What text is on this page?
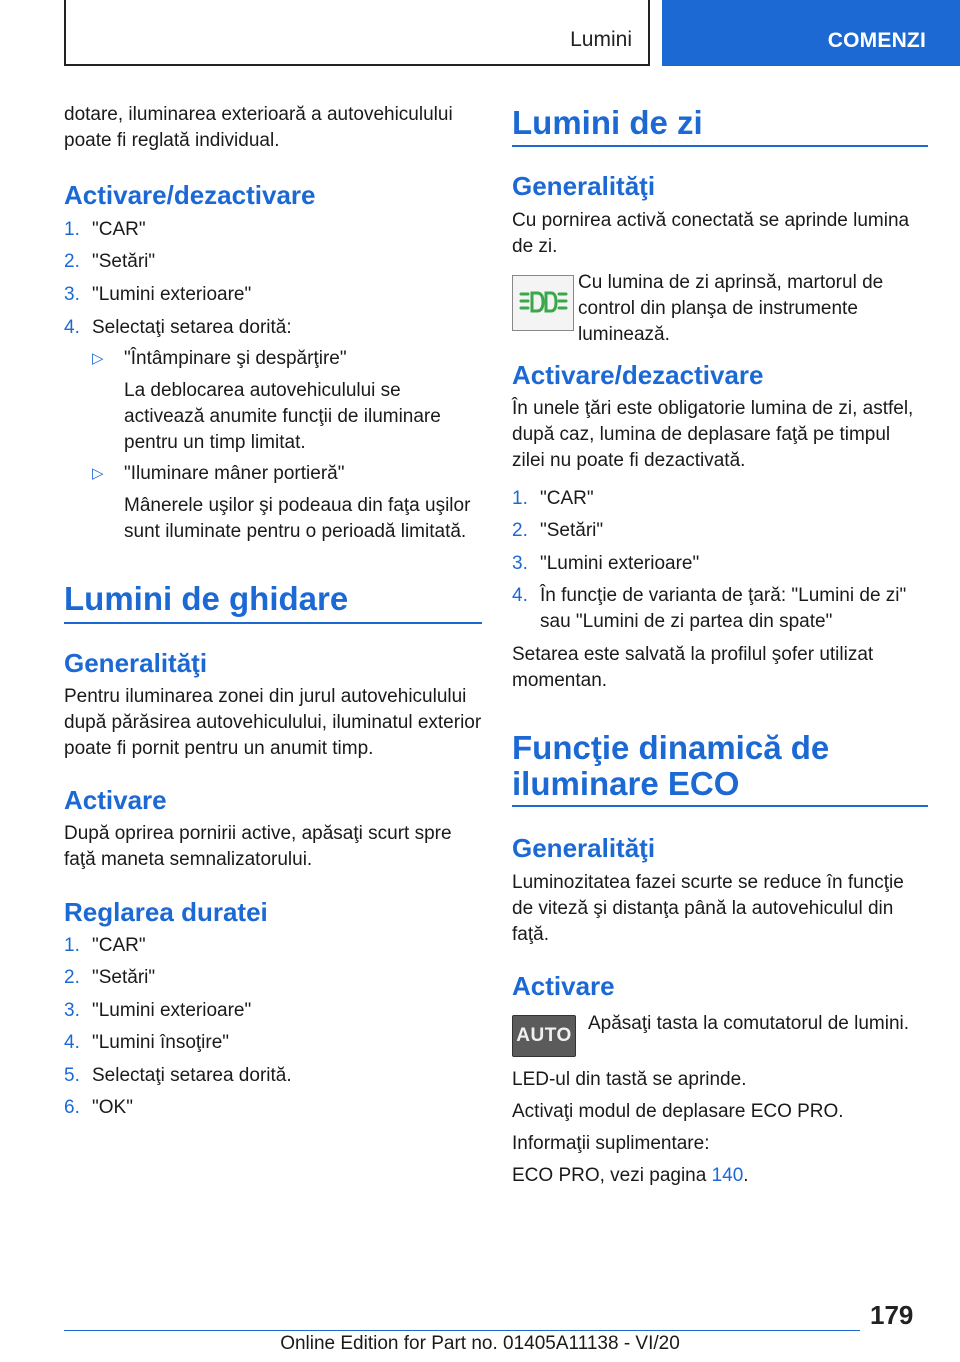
Lumini	COMENZI

dotare, iluminarea exterioară a autovehiculului poate fi reglată individual.

Activare/dezactivare
1. "CAR"
2. "Setări"
3. "Lumini exterioare"
4. Selectaţi setarea dorită:
▷	"Întâmpinare şi despărţire"

La deblocarea autovehiculului se activează anumite funcţii de iluminare pentru un timp limitat.

▷	"Iluminare mâner portieră"

Mânerele uşilor şi podeaua din faţa uşilor sunt iluminate pentru o perioadă limitată.

Lumini de ghidare
Generalităţi

Pentru iluminarea zonei din jurul autovehiculului după părăsirea autovehiculului, iluminatul exterior poate fi pornit pentru un anumit timp.

Activare

După oprirea pornirii active, apăsaţi scurt spre faţă maneta semnalizatorului.

Reglarea duratei
1. "CAR"
2. "Setări"
3. "Lumini exterioare"
4. "Lumini însoţire"
5. Selectaţi setarea dorită.
6. "OK"
Lumini de zi
Generalităţi

Cu pornirea activă conectată se aprinde lumina de zi.

Cu lumina de zi aprinsă, martorul de control din planşa de instrumente luminează.

Activare/dezactivare

În unele ţări este obligatorie lumina de zi, astfel, după caz, lumina de deplasare faţă pe timpul zilei nu poate fi dezactivată.

1. "CAR"
2. "Setări"
3. "Lumini exterioare"
4. În funcţie de varianta de ţară: "Lumini de zi" sau "Lumini de zi partea din spate"

Setarea este salvată la profilul şofer utilizat momentan.

Funcţie dinamică de
iluminare ECO
Generalităţi

Luminozitatea fazei scurte se reduce în funcţie de viteză şi distanţa până la autovehiculul din faţă.

Activare
AUTO

Apăsaţi tasta la comutatorul de lumini.

LED-ul din tastă se aprinde.

Activaţi modul de deplasare ECO PRO.

Informaţii suplimentare:

ECO PRO, vezi pagina 140.

179
Online Edition for Part no. 01405A11138 - VI/20
